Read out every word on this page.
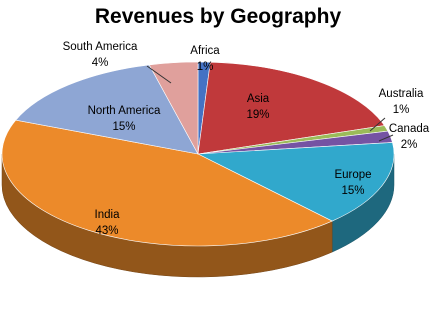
Revenues by Geography
Africa 1%
Asia 19%
Australia 1%
Canada 2%
Europe 15%
India 43%
North America 15%
South America 4%
